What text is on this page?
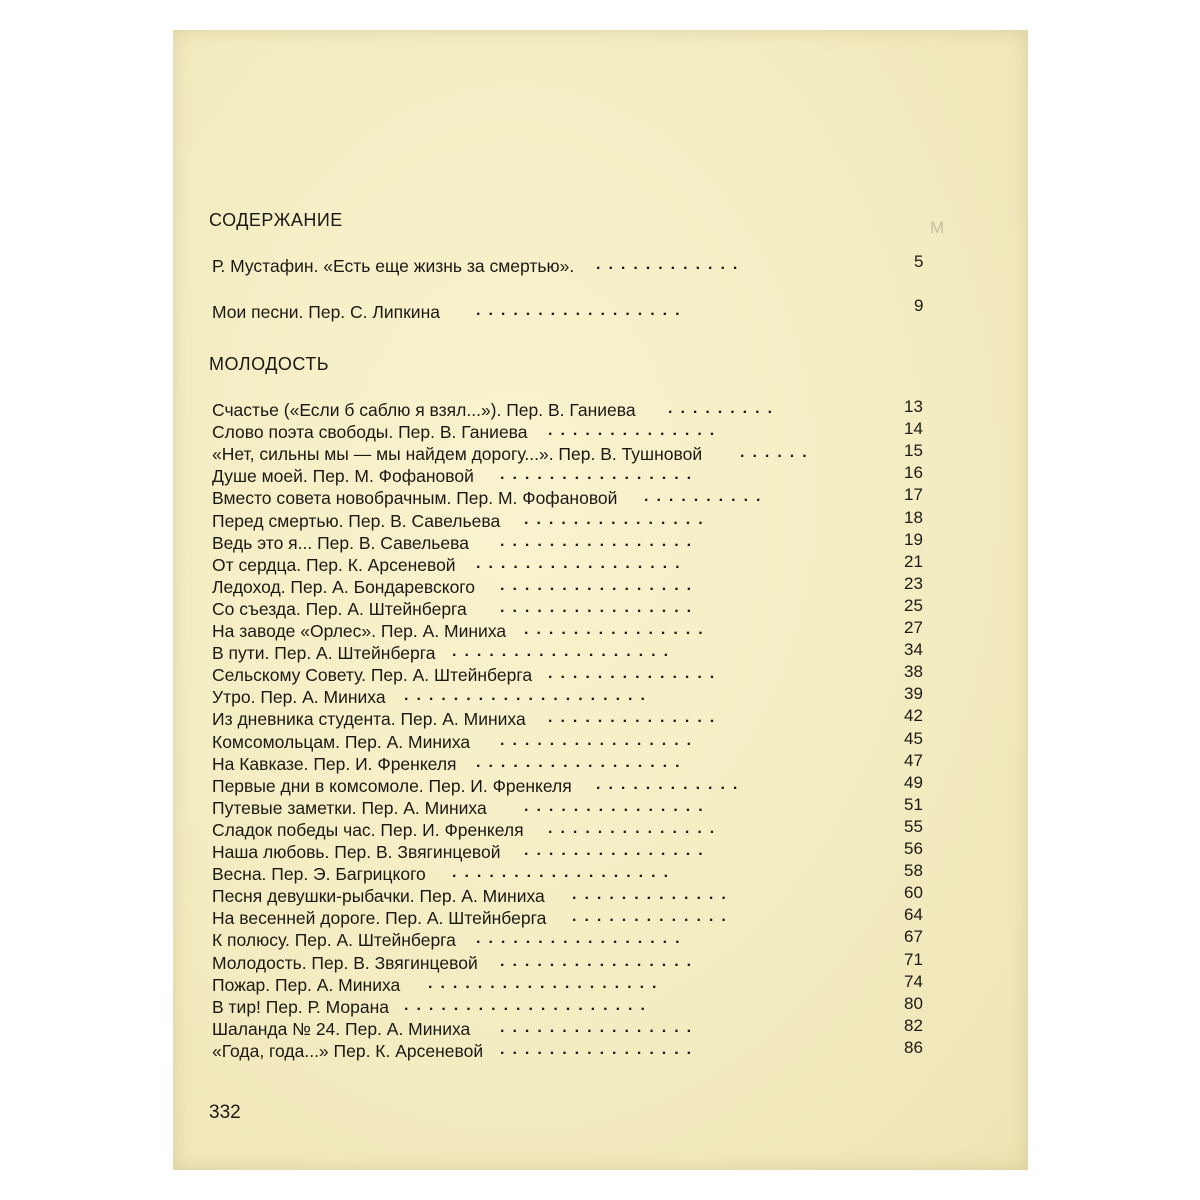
M
СОДЕРЖАНИЕ
Р. Мустафин. «Есть еще жизнь за смертью». ............
Мои песни. Пер. С. Липкина .................
МОЛОДОСТЬ
Счастье («Если б саблю я взял...»). Пер. В. Ганиева .........
Слово поэта свободы. Пер. В. Ганиева ..............
«Нет, сильны мы — мы найдем дорогу...». Пер. В. Тушновой ......
Душе моей. Пер. М. Фофановой ................
Вместо совета новобрачным. Пер. М. Фофановой ..........
Перед смертью. Пер. В. Савельева ...............
Ведь это я... Пер. В. Савельева ................
От сердца. Пер. К. Арсеневой .................
Ледоход. Пер. А. Бондаревского ................
Со съезда. Пер. А. Штейнберга ................
На заводе «Орлес». Пер. А. Миниха ...............
В пути. Пер. А. Штейнберга ..................
Сельскому Совету. Пер. А. Штейнберга ..............
Утро. Пер. А. Миниха ....................
Из дневника студента. Пер. А. Миниха ..............
Комсомольцам. Пер. А. Миниха ................
На Кавказе. Пер. И. Френкеля .................
Первые дни в комсомоле. Пер. И. Френкеля ............
Путевые заметки. Пер. А. Миниха ...............
Сладок победы час. Пер. И. Френкеля ..............
Наша любовь. Пер. В. Звягинцевой ...............
Весна. Пер. Э. Багрицкого ..................
Песня девушки-рыбачки. Пер. А. Миниха .............
На весенней дороге. Пер. А. Штейнберга .............
К полюсу. Пер. А. Штейнберга .................
Молодость. Пер. В. Звягинцевой ................
Пожар. Пер. А. Миниха ...................
В тир! Пер. Р. Морана ....................
Шаланда № 24. Пер. А. Миниха ................
«Года, года...» Пер. К. Арсеневой ................
332
5
9
13
14
15
16
17
18
19
21
23
25
27
34
38
39
42
45
47
49
51
55
56
58
60
64
67
71
74
80
82
86
